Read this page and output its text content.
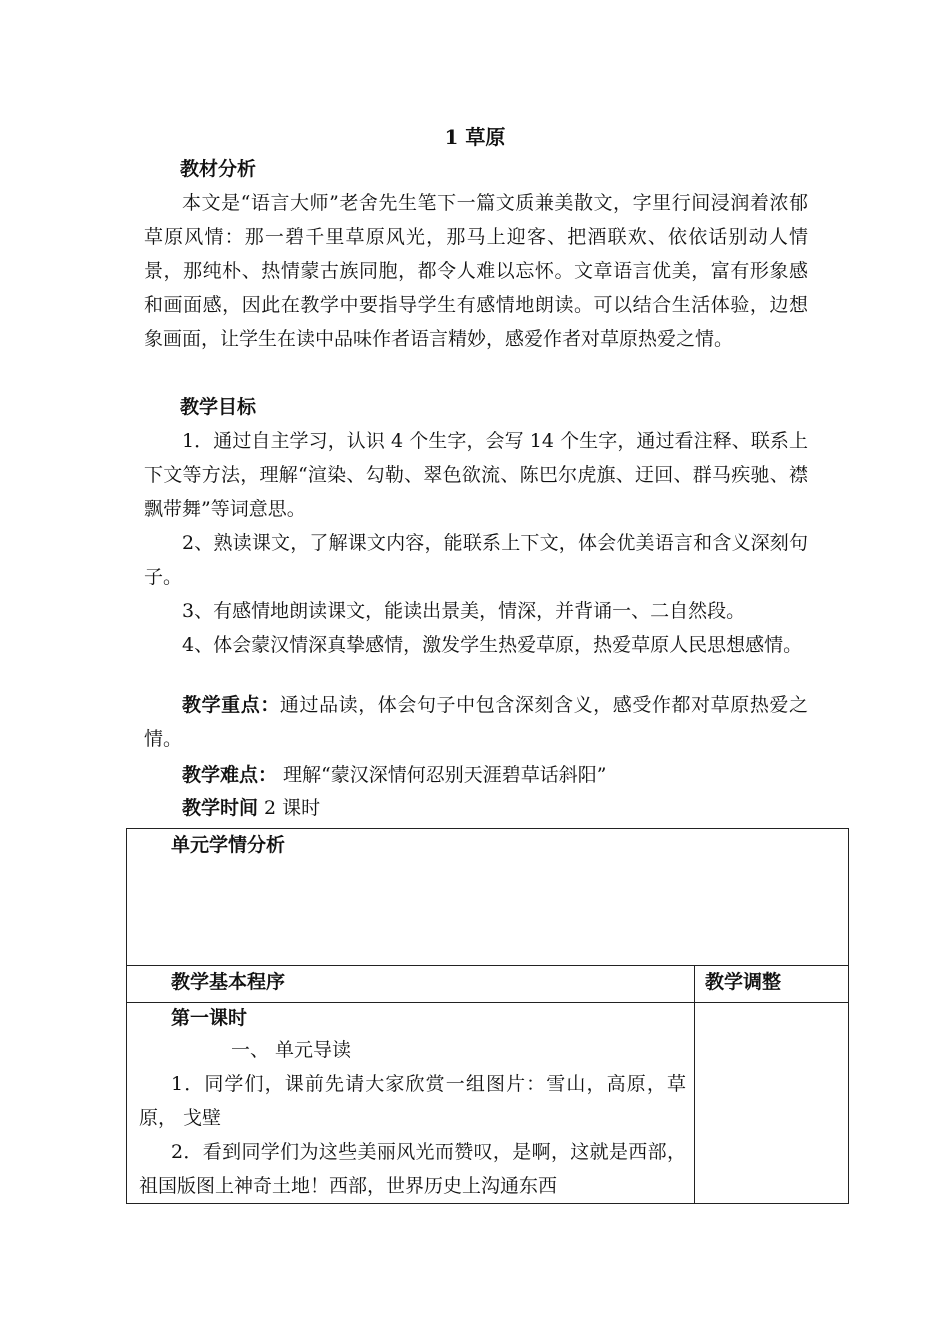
1 草原
教材分析

本文是“语言大师”老舍先生笔下一篇文质兼美散文，字里行间浸润着浓郁草原风情：那一碧千里草原风光，那马上迎客、把酒联欢、依依话别动人情景，那纯朴、热情蒙古族同胞，都令人难以忘怀。文章语言优美，富有形象感和画面感，因此在教学中要指导学生有感情地朗读。可以结合生活体验，边想象画面，让学生在读中品味作者语言精妙，感爱作者对草原热爱之情。

教学目标

1．通过自主学习，认识 4 个生字，会写 14 个生字，通过看注释、联系上下文等方法，理解“渲染、勾勒、翠色欲流、陈巴尔虎旗、迂回、群马疾驰、襟飘带舞”等词意思。

2、熟读课文，了解课文内容，能联系上下文，体会优美语言和含义深刻句子。

3、有感情地朗读课文，能读出景美，情深，并背诵一、二自然段。

4、体会蒙汉情深真挚感情，激发学生热爱草原，热爱草原人民思想感情。

教学重点：通过品读，体会句子中包含深刻含义，感受作都对草原热爱之情。

教学难点： 理解“蒙汉深情何忍别天涯碧草话斜阳”

教学时间 2 课时

单元学情分析	

教学基本程序	教学调整

第一课时
一、 单元导读

1．同学们，课前先请大家欣赏一组图片：雪山，高原，草原， 戈壁

2．看到同学们为这些美丽风光而赞叹，是啊，这就是西部，祖国版图上神奇土地！西部，世界历史上沟通东西	
